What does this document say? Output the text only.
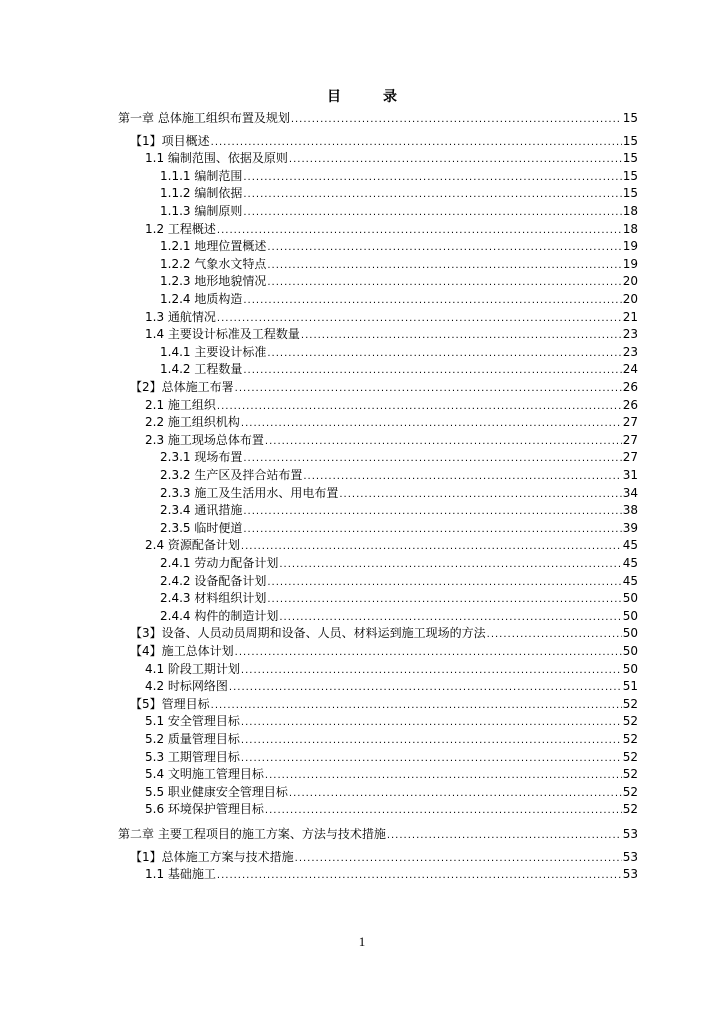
目　录
第一章 总体施工组织布置及规划 .....	15
【1】项目概述 .....	15
1.1 编制范围、依据及原则 .....	15
1.1.1 编制范围 .....	15
1.1.2 编制依据 .....	15
1.1.3 编制原则 .....	18
1.2 工程概述 .....	18
1.2.1 地理位置概述 .....	19
1.2.2 气象水文特点 .....	19
1.2.3 地形地貌情况 .....	20
1.2.4 地质构造 .....	20
1.3 通航情况 .....	21
1.4 主要设计标准及工程数量 .....	23
1.4.1 主要设计标准 .....	23
1.4.2 工程数量 .....	24
【2】总体施工布署 .....	26
2.1 施工组织 .....	26
2.2 施工组织机构 .....	27
2.3 施工现场总体布置 .....	27
2.3.1 现场布置 .....	27
2.3.2 生产区及拌合站布置 .....	31
2.3.3 施工及生活用水、用电布置 .....	34
2.3.4 通讯措施 .....	38
2.3.5 临时便道 .....	39
2.4 资源配备计划 .....	45
2.4.1 劳动力配备计划 .....	45
2.4.2 设备配备计划 .....	45
2.4.3 材料组织计划 .....	50
2.4.4 构件的制造计划 .....	50
【3】设备、人员动员周期和设备、人员、材料运到施工现场的方法 .....	50
【4】施工总体计划 .....	50
4.1 阶段工期计划 .....	50
4.2 时标网络图 .....	51
【5】管理目标 .....	52
5.1 安全管理目标 .....	52
5.2 质量管理目标 .....	52
5.3 工期管理目标 .....	52
5.4 文明施工管理目标 .....	52
5.5 职业健康安全管理目标 .....	52
5.6 环境保护管理目标 .....	52
第二章 主要工程项目的施工方案、方法与技术措施 .....	53
【1】总体施工方案与技术措施 .....	53
1.1 基础施工 .....	53
1
